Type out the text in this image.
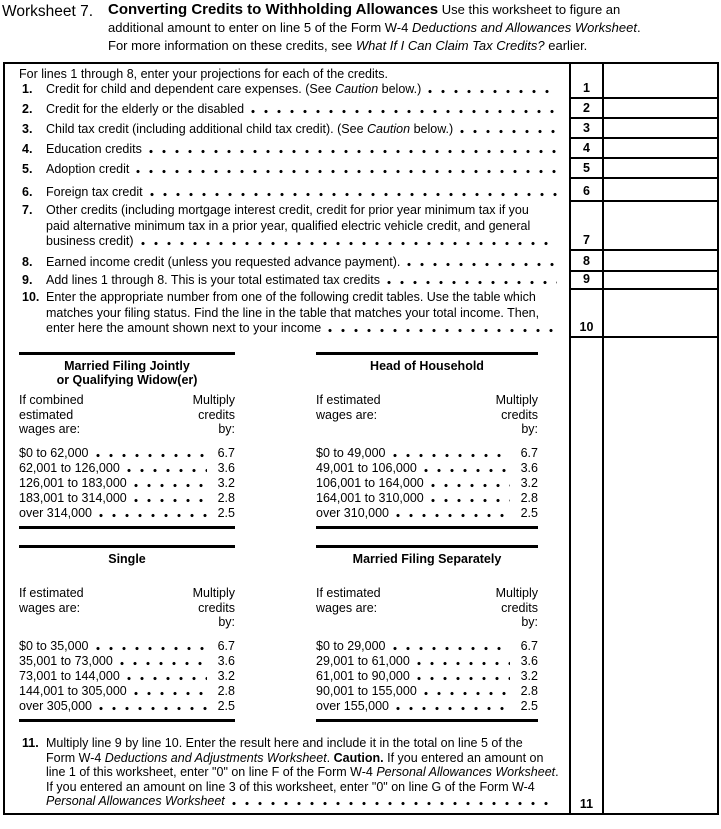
Worksheet 7. Converting Credits to Withholding Allowances Use this worksheet to figure an
additional amount to enter on line 5 of the Form W-4 Deductions and Allowances Worksheet.
For more information on these credits, see What If I Can Claim Tax Credits? earlier.
For lines 1 through 8, enter your projections for each of the credits.
1.	Credit for child and dependent care expenses. (See Caution below.)	1
2.	Credit for the elderly or the disabled	2
3.	Child tax credit (including additional child tax credit). (See Caution below.)	3
4.	Education credits	4
5.	Adoption credit	5
6.	Foreign tax credit	6
7.	Other credits (including mortgage interest credit, credit for prior year minimum tax if you
paid alternative minimum tax in a prior year, qualified electric vehicle credit, and general
business credit)	7
8.	Earned income credit (unless you requested advance payment).	8
9.	Add lines 1 through 8. This is your total estimated tax credits	9
10. Enter the appropriate number from one of the following credit tables. Use the table which
matches your filing status. Find the line in the table that matches your total income. Then,
enter here the amount shown next to your income	10
Married Filing Jointly
or Qualifying Widow(er)
If combined
estimated
wages are:
Multiply
credits
by:
$0 to 62,000	6.7
62,001 to 126,000	3.6
126,001 to 183,000	3.2
183,001 to 314,000	2.8
over 314,000	2.5
Head of Household
If estimated
wages are:
Multiply
credits
by:
$0 to 49,000	6.7
49,001 to 106,000	3.6
106,001 to 164,000	3.2
164,001 to 310,000	2.8
over 310,000	2.5
Single
If estimated
wages are:
Multiply
credits
by:
$0 to 35,000	6.7
35,001 to 73,000	3.6
73,001 to 144,000	3.2
144,001 to 305,000	2.8
over 305,000	2.5
Married Filing Separately
If estimated
wages are:
Multiply
credits
by:
$0 to 29,000	6.7
29,001 to 61,000	3.6
61,001 to 90,000	3.2
90,001 to 155,000	2.8
over 155,000	2.5
11. Multiply line 9 by line 10. Enter the result here and include it in the total on line 5 of the
Form W-4 Deductions and Adjustments Worksheet. Caution. If you entered an amount on
line 1 of this worksheet, enter "0" on line F of the Form W-4 Personal Allowances Worksheet.
If you entered an amount on line 3 of this worksheet, enter "0" on line G of the Form W-4
Personal Allowances Worksheet	11
